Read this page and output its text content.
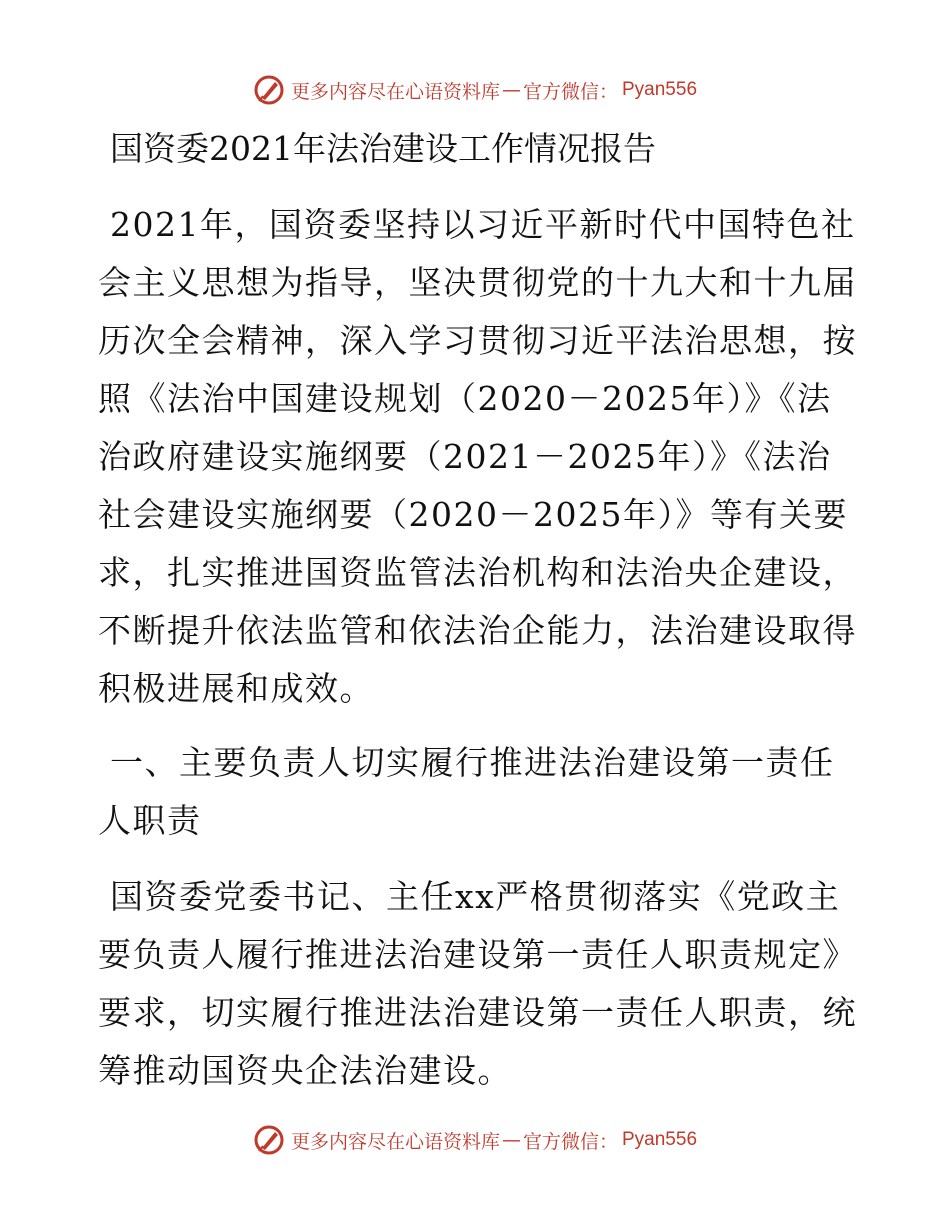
更多内容尽在心语资料库 — 官方微信： Pyan556
国资委2021年法治建设工作情况报告

2021年，国资委坚持以习近平新时代中国特色社会主义思想为指导，坚决贯彻党的十九大和十九届历次全会精神，深入学习贯彻习近平法治思想，按照《法治中国建设规划（2020－2025年）》《法治政府建设实施纲要（2021－2025年）》《法治社会建设实施纲要（2020－2025年）》等有关要求，扎实推进国资监管法治机构和法治央企建设，不断提升依法监管和依法治企能力，法治建设取得积极进展和成效。

一、主要负责人切实履行推进法治建设第一责任人职责

国资委党委书记、主任xx严格贯彻落实《党政主要负责人履行推进法治建设第一责任人职责规定》要求，切实履行推进法治建设第一责任人职责，统筹推动国资央企法治建设。

更多内容尽在心语资料库 — 官方微信： Pyan556
